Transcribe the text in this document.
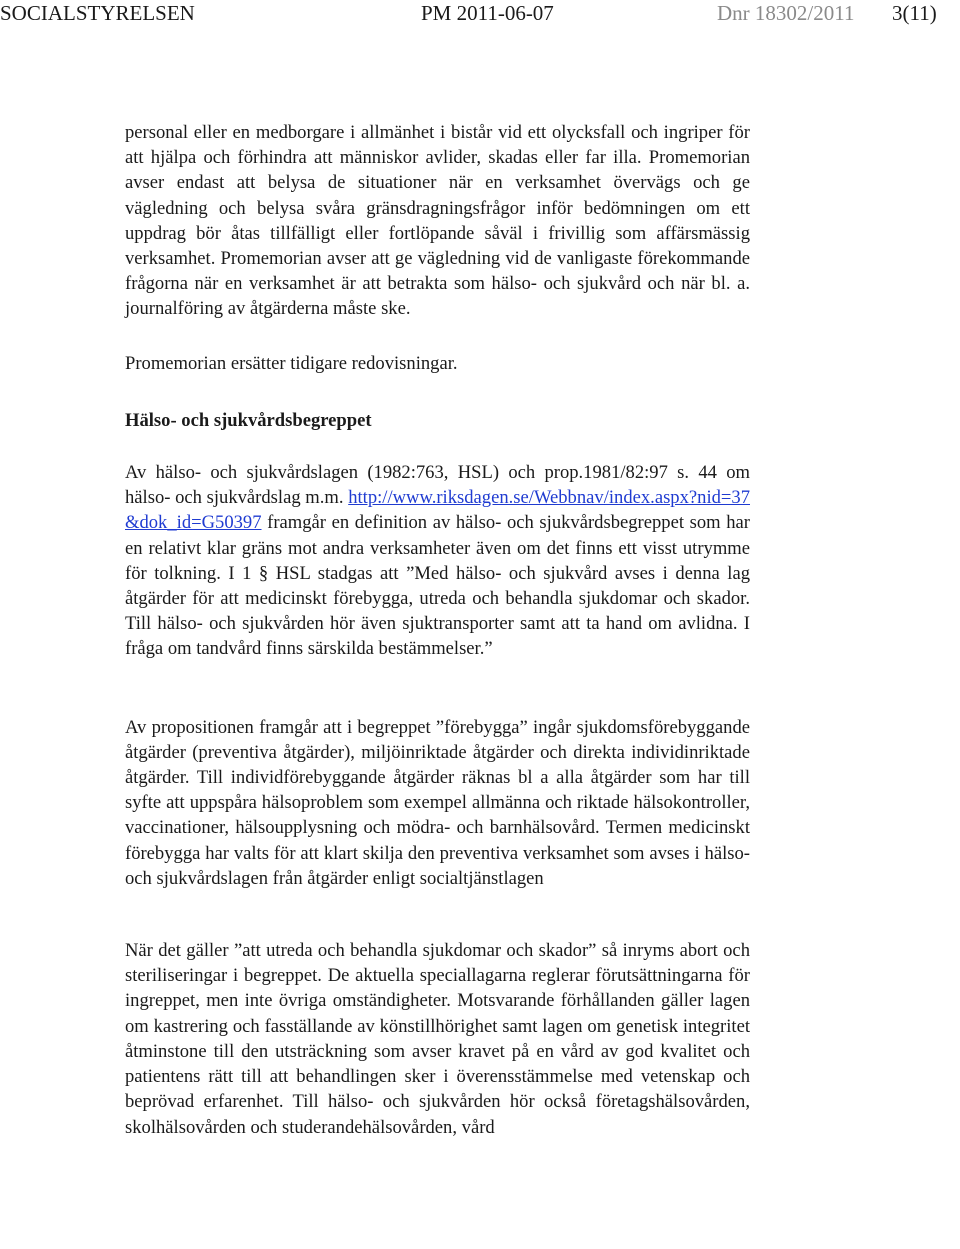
SOCIALSTYRELSEN	PM 2011-06-07	Dnr 18302/2011 3(11)

personal eller en medborgare i allmänhet i bistår vid ett olycksfall och ingriper för att hjälpa och förhindra att människor avlider, skadas eller far illa. Promemorian avser endast att belysa de situationer när en verksamhet övervägs och ge vägledning och belysa svåra gränsdragningsfrågor inför bedömningen om ett uppdrag bör åtas tillfälligt eller fortlöpande såväl i frivillig som affärsmässig verksamhet. Promemorian avser att ge vägledning vid de vanligaste förekommande frågorna när en verksamhet är att betrakta som hälso- och sjukvård och när bl. a. journalföring av åtgärderna måste ske.

Promemorian ersätter tidigare redovisningar.

Hälso- och sjukvårdsbegreppet

Av hälso- och sjukvårdslagen (1982:763, HSL) och prop.1981/82:97 s. 44 om hälso- och sjukvårdslag m.m. http://www.riksdagen.se/Webbnav/index.aspx?nid=37&dok_id=G50397 framgår en definition av hälso- och sjukvårdsbegreppet som har en relativt klar gräns mot andra verksamheter även om det finns ett visst utrymme för tolkning. I 1 § HSL stadgas att ”Med hälso- och sjukvård avses i denna lag åtgärder för att medicinskt förebygga, utreda och behandla sjukdomar och skador. Till hälso- och sjukvården hör även sjuktransporter samt att ta hand om avlidna. I fråga om tandvård finns särskilda bestämmelser.”

Av propositionen framgår att i begreppet ”förebygga” ingår sjukdomsförebyggande åtgärder (preventiva åtgärder), miljöinriktade åtgärder och direkta individinriktade åtgärder. Till individförebyggande åtgärder räknas bl a alla åtgärder som har till syfte att uppspåra hälsoproblem som exempel allmänna och riktade hälsokontroller, vaccinationer, hälsoupplysning och mödra- och barnhälsovård. Termen medicinskt förebygga har valts för att klart skilja den preventiva verksamhet som avses i hälso- och sjukvårdslagen från åtgärder enligt socialtjänstlagen

När det gäller ”att utreda och behandla sjukdomar och skador” så inryms abort och steriliseringar i begreppet. De aktuella speciallagarna reglerar förutsättningarna för ingreppet, men inte övriga omständigheter. Motsvarande förhållanden gäller lagen om kastrering och fasställande av könstillhörighet samt lagen om genetisk integritet åtminstone till den utsträckning som avser kravet på en vård av god kvalitet och patientens rätt till att behandlingen sker i överensstämmelse med vetenskap och beprövad erfarenhet. Till hälso- och sjukvården hör också företagshälsovården, skolhälsovården och studerandehälsovården, vård
